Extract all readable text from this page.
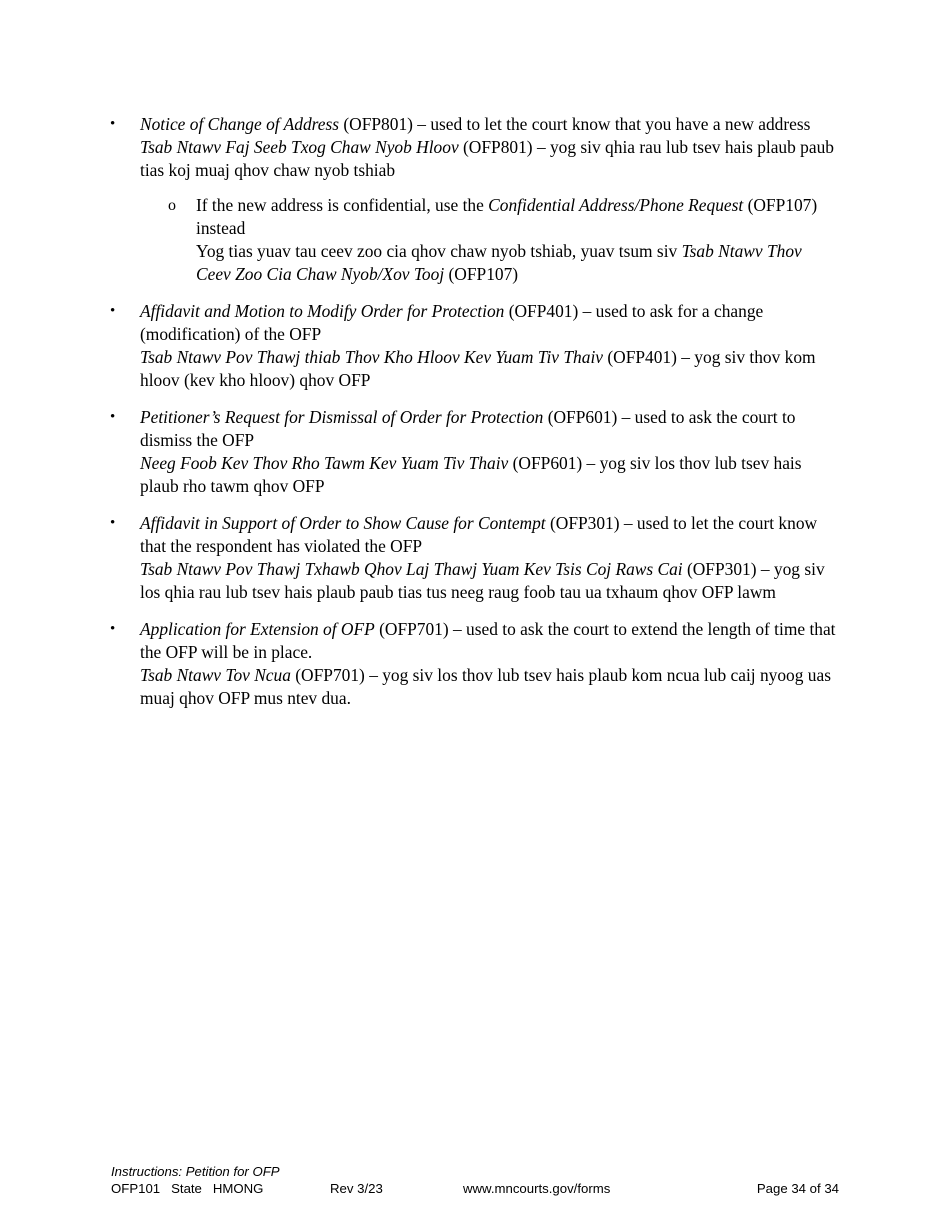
•	Notice of Change of Address (OFP801) – used to let the court know that you have a new address
Tsab Ntawv Faj Seeb Txog Chaw Nyob Hloov (OFP801) – yog siv qhia rau lub tsev hais plaub paub tias koj muaj qhov chaw nyob tshiab
o If the new address is confidential, use the Confidential Address/Phone Request (OFP107) instead
Yog tias yuav tau ceev zoo cia qhov chaw nyob tshiab, yuav tsum siv Tsab Ntawv Thov Ceev Zoo Cia Chaw Nyob/Xov Tooj (OFP107)
•	Affidavit and Motion to Modify Order for Protection (OFP401) – used to ask for a change (modification) of the OFP
Tsab Ntawv Pov Thawj thiab Thov Kho Hloov Kev Yuam Tiv Thaiv (OFP401) – yog siv thov kom hloov (kev kho hloov) qhov OFP
•	Petitioner’s Request for Dismissal of Order for Protection (OFP601) – used to ask the court to dismiss the OFP
Neeg Foob Kev Thov Rho Tawm Kev Yuam Tiv Thaiv (OFP601) – yog siv los thov lub tsev hais plaub rho tawm qhov OFP
•	Affidavit in Support of Order to Show Cause for Contempt (OFP301) – used to let the court know that the respondent has violated the OFP
Tsab Ntawv Pov Thawj Txhawb Qhov Laj Thawj Yuam Kev Tsis Coj Raws Cai (OFP301) – yog siv los qhia rau lub tsev hais plaub paub tias tus neeg raug foob tau ua txhaum qhov OFP lawm
•	Application for Extension of OFP (OFP701) – used to ask the court to extend the length of time that the OFP will be in place.
Tsab Ntawv Tov Ncua (OFP701) – yog siv los thov lub tsev hais plaub kom ncua lub caij nyoog uas muaj qhov OFP mus ntev dua.
Instructions: Petition for OFP
OFP101   State   HMONG	Rev 3/23	www.mncourts.gov/forms	Page 34 of 34
